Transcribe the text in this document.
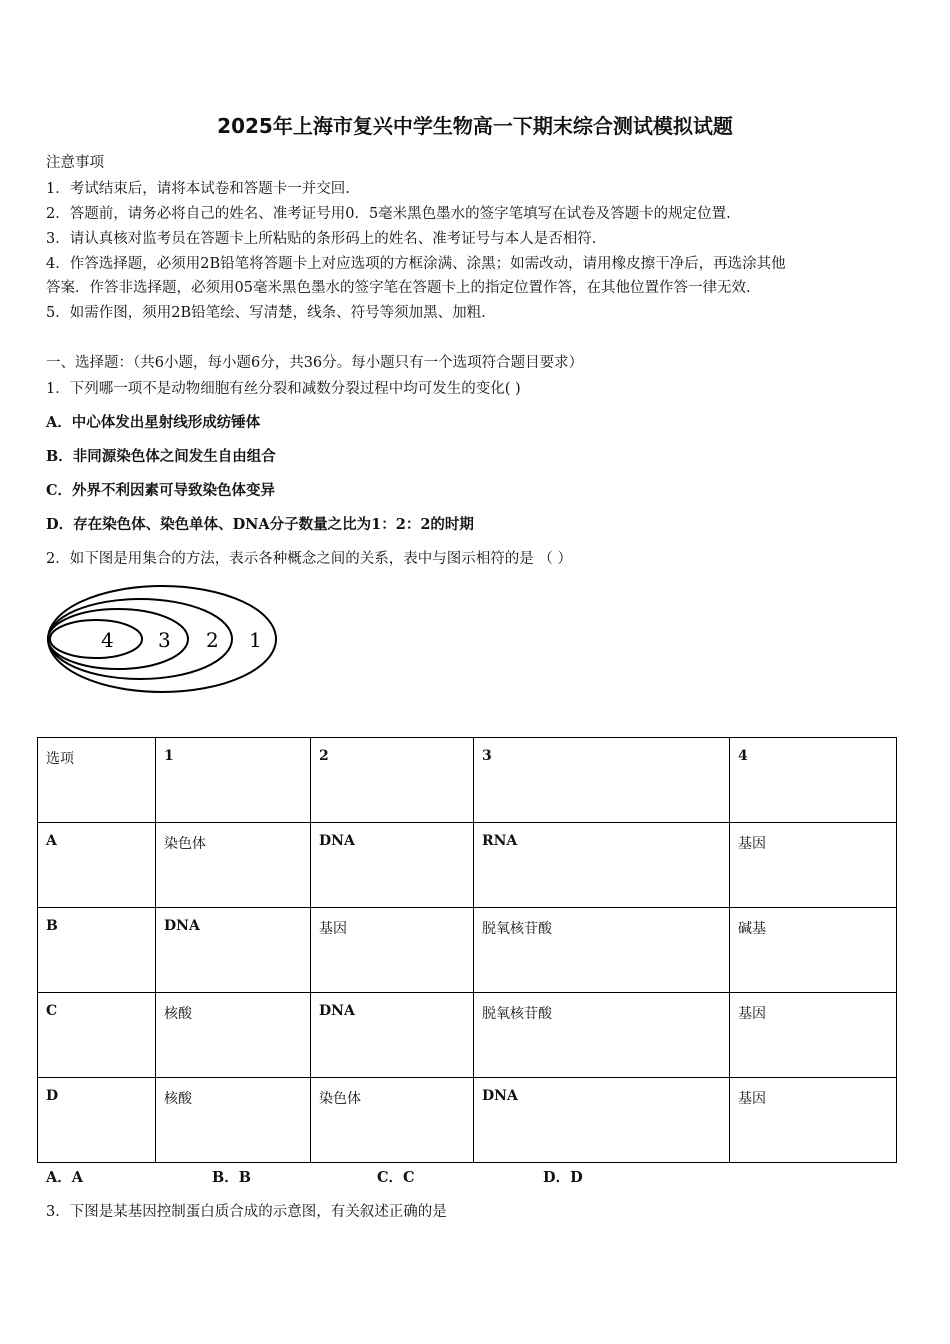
2025年上海市复兴中学生物高一下期末综合测试模拟试题
注意事项
1．考试结束后，请将本试卷和答题卡一并交回.
2．答题前，请务必将自己的姓名、准考证号用0．5毫米黑色墨水的签字笔填写在试卷及答题卡的规定位置.
3．请认真核对监考员在答题卡上所粘贴的条形码上的姓名、准考证号与本人是否相符.
4．作答选择题，必须用2B铅笔将答题卡上对应选项的方框涂满、涂黑；如需改动，请用橡皮擦干净后，再选涂其他
答案．作答非选择题，必须用05毫米黑色墨水的签字笔在答题卡上的指定位置作答，在其他位置作答一律无效.
5．如需作图，须用2B铅笔绘、写清楚，线条、符号等须加黑、加粗.
一、选择题：（共6小题，每小题6分，共36分。每小题只有一个选项符合题目要求）
1．下列哪一项不是动物细胞有丝分裂和减数分裂过程中均可发生的变化( )
A．中心体发出星射线形成纺锤体
B．非同源染色体之间发生自由组合
C．外界不利因素可导致染色体变异
D．存在染色体、染色单体、DNA分子数量之比为1：2：2的时期
2．如下图是用集合的方法，表示各种概念之间的关系，表中与图示相符的是 （ ）
4 3 2 1
选项	1	2	3	4
A	染色体	DNA	RNA	基因
B	DNA	基因	脱氧核苷酸	碱基
C	核酸	DNA	脱氧核苷酸	基因
D	核酸	染色体	DNA	基因
A．A	B．B	C．C	D．D
3．下图是某基因控制蛋白质合成的示意图，有关叙述正确的是
